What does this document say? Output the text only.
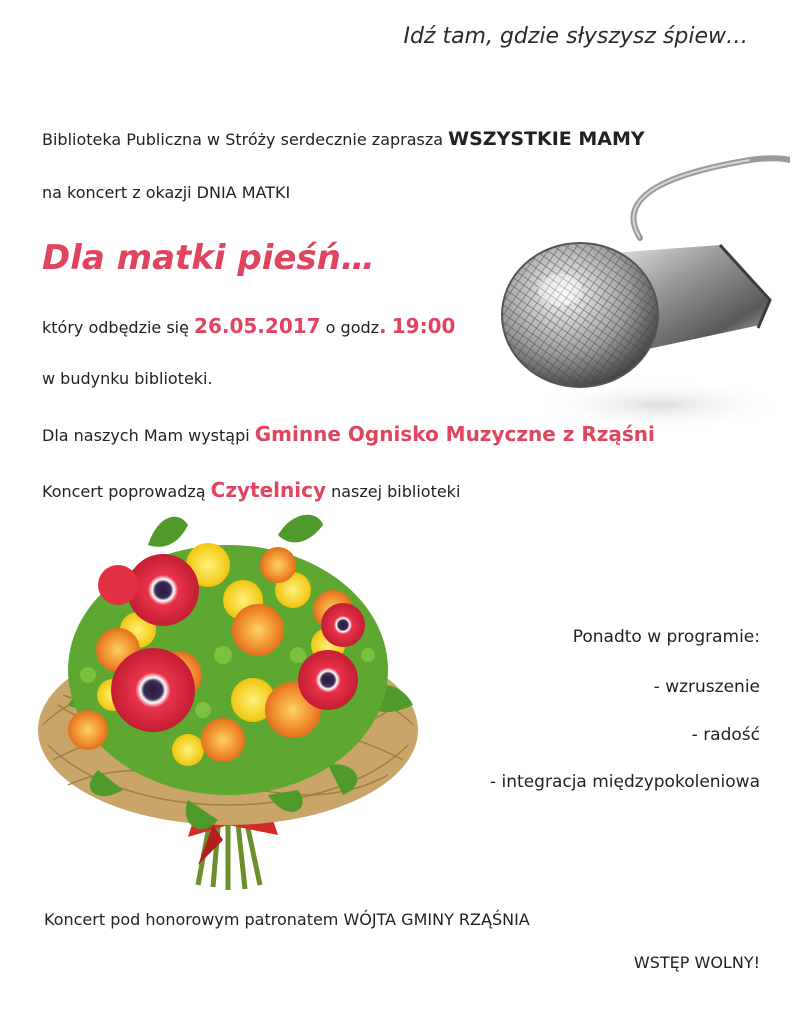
Idź tam, gdzie słyszysz śpiew…
Biblioteka Publiczna w Stróży serdecznie zaprasza WSZYSTKIE MAMY
na koncert z okazji DNIA MATKI
Dla matki pieśń…
który odbędzie się 26.05.2017 o godz. 19:00
w budynku biblioteki.
Dla naszych Mam wystąpi Gminne Ognisko Muzyczne z Rząśni
Koncert poprowadzą Czytelnicy naszej biblioteki
Ponadto w programie:
- wzruszenie
- radość
- integracja międzypokoleniowa
Koncert pod honorowym patronatem WÓJTA GMINY RZĄŚNIA
WSTĘP WOLNY!
